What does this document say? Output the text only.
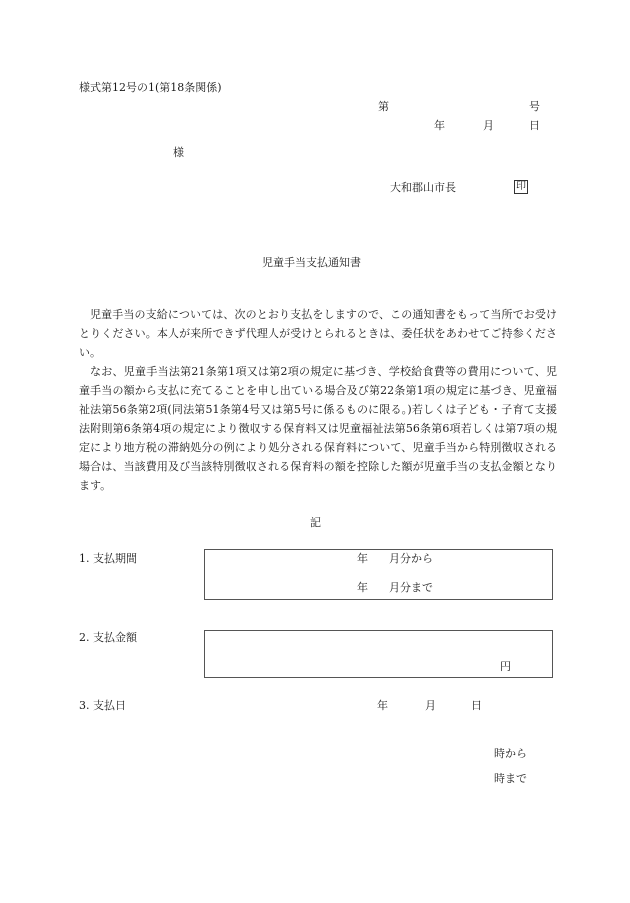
様式第12号の1(第18条関係)
第	号
年	月	日
様
大和郡山市長	印
児童手当支払通知書

児童手当の支給については、次のとおり支払をしますので、この通知書をもって当所でお受けとりください。本人が来所できず代理人が受けとられるときは、委任状をあわせてご持参ください。

なお、児童手当法第21条第1項又は第2項の規定に基づき、学校給食費等の費用について、児童手当の額から支払に充てることを申し出ている場合及び第22条第1項の規定に基づき、児童福祉法第56条第2項(同法第51条第4号又は第5号に係るものに限る。)若しくは子ども・子育て支援法附則第6条第4項の規定により徴収する保育料又は児童福祉法第56条第6項若しくは第7項の規定により地方税の滞納処分の例により処分される保育料について、児童手当から特別徴収される場合は、当該費用及び当該特別徴収される保育料の額を控除した額が児童手当の支払金額となります。

記
1. 支払期間	年 月分から
年 月分まで
2. 支払金額
円
3. 支払日	年	月	日
時から
時まで
